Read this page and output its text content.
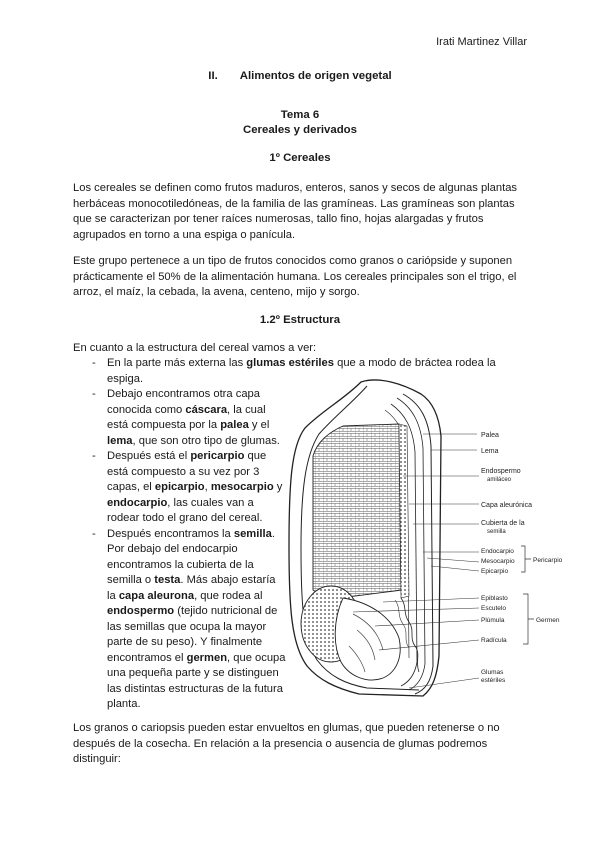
Irati Martinez Villar
II. Alimentos de origen vegetal
Tema 6
Cereales y derivados
1º Cereales

Los cereales se definen como frutos maduros, enteros, sanos y secos de algunas plantas herbáceas monocotiledóneas, de la familia de las gramíneas. Las gramíneas son plantas que se caracterizan por tener raíces numerosas, tallo fino, hojas alargadas y frutos agrupados en torno a una espiga o panícula.

Este grupo pertenece a un tipo de frutos conocidos como granos o cariópside y suponen prácticamente el 50% de la alimentación humana. Los cereales principales son el trigo, el arroz, el maíz, la cebada, la avena, centeno, mijo y sorgo.

1.2º Estructura
En cuanto a la estructura del cereal vamos a ver:
- En la parte más externa las glumas estériles que a modo de bráctea rodea la espiga.
- Debajo encontramos otra capa conocida como cáscara, la cual está compuesta por la palea y el lema, que son otro tipo de glumas.
- Después está el pericarpio que está compuesto a su vez por 3 capas, el epicarpio, mesocarpio y endocarpio, las cuales van a rodear todo el grano del cereal.
- Después encontramos la semilla. Por debajo del endocarpio encontramos la cubierta de la semilla o testa. Más abajo estaría la capa aleurona, que rodea al endospermo (tejido nutricional de las semillas que ocupa la mayor parte de su peso). Y finalmente encontramos el germen, que ocupa una pequeña parte y se distinguen las distintas estructuras de la futura planta.
Palea
Lema
Endospermo
amiláceo
Capa aleurónica
Cubierta de la
semilla
Endocarpio
Mesocarpio
Epicarpio
Pericarpio
Epiblasto
Escutelo
Plúmula
Radícula
Germen
Glumas
estériles

Los granos o cariopsis pueden estar envueltos en glumas, que pueden retenerse o no después de la cosecha. En relación a la presencia o ausencia de glumas podremos distinguir:
